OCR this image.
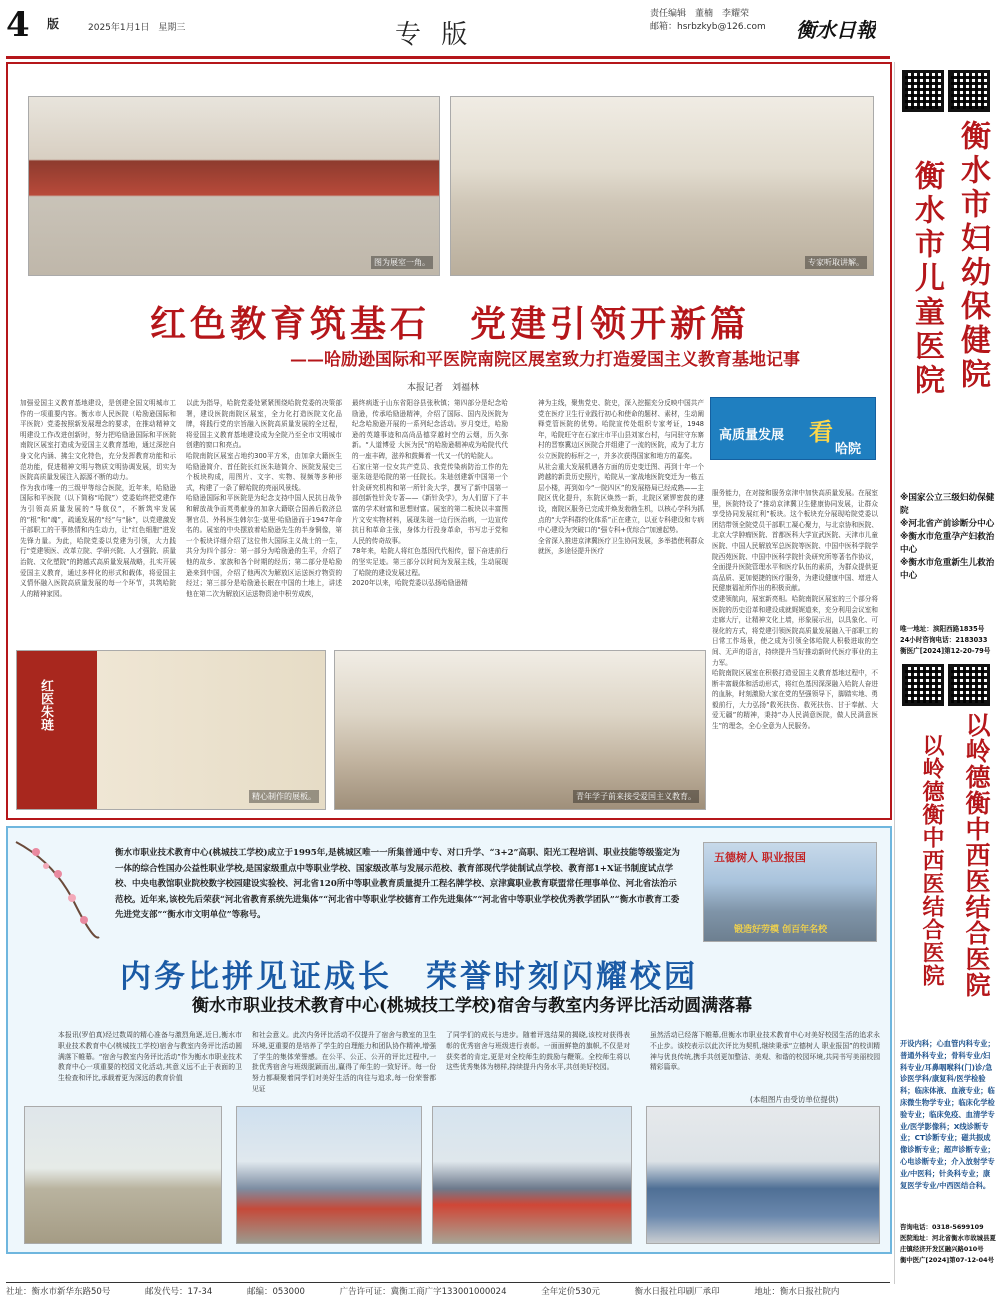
4 版	2025年1月1日　星期三	专 版
责任编辑　董楠　李耀荣
邮箱：hsrbzkyb@126.com	衡水日報
图为展室一角。	专家听取讲解。
红色教育筑基石　党建引领开新篇
——哈励逊国际和平医院南院区展室致力打造爱国主义教育基地记事
本报记者　刘福林

加强爱国主义教育基地建设，是创建全国文明城市工作的一项重要内容。衡水市人民医院（哈励逊国际和平医院）党委按照新发展理念的要求，在推动精神文明建设工作改进创新时，努力把哈励逊国际和平医院南院区展室打造成为爱国主义教育基地，通过深挖自身文化内涵、拂尘文化特色，充分发挥教育功能和示范功能，促进精神文明与物质文明协调发展，切实为医院高质量发展注入源源不断的动力。

作为我市唯一的三级甲等综合医院，近年来，哈励逊国际和平医院（以下简称“哈院”）党委始终把党建作为引领高质量发展的“导航仪”，不断筑牢发展的“根”和“魂”，疏通发展的“经”与“脉”，以党建激发干部职工的干事热情和内生动力，让“红色细胞”进发先锋力量。为此，哈院党委以党建为引领，大力践行“党建领医、改革立院、学研兴院、人才强院、质量治院、文化塑院”的跨越式高质量发展战略，扎实开展爱国主义教育，通过多样化的形式和载体，将爱国主义情怀融入医院高质量发展的每一个环节，共筑哈院人的精神家园。

以此为指导，哈院党委处紧紧围绕哈院党委的决策部署，建设医院南院区展室，全力化打造医院文化品牌，将践行党的宗旨融入医院高质量发展的全过程，将爱国主义教育基地建设成为全院乃至全市文明城市创建的窗口和亮点。

哈院南院区展室占地约300平方米，由加拿大籍医生哈励逊简介、首任院长红医朱琏简介、医院发展史三个板块构成，用图片、文字、实物、视频等多种形式，构建了一条了解哈院的亮丽风景线。

哈励逊国际和平医院是为纪念支持中国人民抗日战争和解放战争而英勇献身的加拿大籍联合国善后救济总署官员、外科医生韩尔生·莫里·哈励逊而于1947年命名的。展室的中央摆放着哈励逊先生的半身铜像，第一个板块详细介绍了这位伟大国际主义战士的一生，共分为四个部分：第一部分为哈励逊的生平，介绍了他的故乡、家族和各个时期的经历；第二部分是哈励逊来到中国，介绍了他两次为解放区运送医疗物资的经过；第三部分是哈励逊长眠在中国的土地上，讲述他在第二次为解放区运送物资途中积劳成疾，

最终病逝于山东省阳谷县张秋镇；第四部分是纪念哈励逊，传承哈励逊精神，介绍了国际、国内及医院为纪念哈励逊开展的一系列纪念活动。岁月变迁，哈励逊的英雄事迹和高尚品德穿越时空的云烟，历久弥新。“人道博爱 大医为民”的哈励逊精神成为哈院代代的一座丰碑，滋养和鼓舞着一代又一代的哈院人。

石家庄第一位女共产党员、我党传染病防治工作的先驱朱琏是哈院的第一任院长。朱琏创建新中国第一个针灸研究机构和第一所针灸大学，撰写了新中国第一部创新性针灸专著——《新针灸学》，为人们留下了丰富的学术财富和思想财富。展室的第二板块以丰富图片文安实物材料，展现朱琏一边行医治病，一边宣传抗日和革命主张，身体力行投身革命，书写忠于党和人民的传奇故事。

78年来，哈院人将红色基因代代相传，留下奋进前行的坚实足迹。第三部分以时间为发展主线，生动展现了哈院的建设发展过程。

2020年以来，哈院党委以弘扬哈励逊精

神为主线，聚焦党史、院史，深入挖掘充分反映中国共产党在医疗卫生行业践行初心和使命的题材、素材，生动阐释党管医院的优势。哈院宣传处组织专家考证，1948年，哈院旺守在石家庄市平山县刘家台村，与同驻守东寨村的晋察冀边区医院合并组建了一流的医院，成为了北方公立医院的标杆之一，并多次获得国家和地方的嘉奖。

从社会重大发展机遇各方面的历史变迁图、再到十年一个跨越的新贵历史照片，哈院从一家战地医院变迁为一栋五层小楼，再到如今“一院四区”的发展格局已经成熟——主院区优化提升，东院区焕然一新，北院区紧锣密鼓的建设，南院区服务已完成并焕发勃勃生机，以核心学科为抓点的“大学科群约化体系”正在建立，以亚专科建设和专病中心建设为突破口的“强专科+优综合”加速起势。

全省深入推进京津冀医疗卫生协同发展，多举措使利群众就医，多途径提升医疗

高质量发展 看
哈院

服务能力，在对接和服务京津中加快高质量发展。在展室里，医院特设了“推动京津冀卫生健康协同发展，让群众享受协同发展红利”板块。这个板块充分展现哈院党委以团结带领全院党员干部职工凝心聚力，与北京协和医院、北京大学肿瘤医院、首都医科大学宣武医院、天津市儿童医院、中国人民解放军总医院等医院、中国中医科学院学院西苑医院、中国中医科学院针灸研究所等著名作协议，全面提升医院管理水平和医疗队伍的素质，为群众提供更高品质、更加便捷的医疗服务，为建设健康中国、增进人民健康福祉所作出的积极贡献。

党建领航向，展室新亮相。哈院南院区展室的三个部分将医院的历史沿革和建设成就娓娓道来，充分利用会议室和走廊大厅，让精神文化上墙，形象展示出，以具象化、可视化的方式，将党建引领医院高质量发展融入干部职工的日常工作场景，使之成为引领全体哈院人积极进取的空间、无声的语言，持续提升当好推动新时代医疗事业的主力军。

哈院南院区展室在积极打造爱国主义教育基地过程中，不断丰富载体和活动形式，将红色基因深深融入哈院人奋进的血脉，时刻激励大家在党的坚强领导下，脚踏实地、勇毅前行，大力弘扬“救死扶伤、救死扶伤、甘于奉献、大爱无疆”的精神，秉持“办人民满意医院，做人民满意医生”的理念，全心全意为人民服务。

红医朱琏
精心制作的展板。	青年学子前来接受爱国主义教育。
衡水市职业技术教育中心(桃城技工学校)成立于1995年,是桃城区唯一一所集普通中专、对口升学、“3+2”高职、阳光工程培训、职业技能等级鉴定为一体的综合性国办公益性职业学校,是国家级重点中等职业学校、国家级改革与发展示范校、教育部现代学徒制试点学校、教育部1+X证书制度试点学校、中央电教馆职业院校数字校园建设实验校、河北省120所中等职业教育质量提升工程名牌学校、京津冀职业教育联盟常任理事单位、河北省法治示范校。近年来,该校先后荣获“河北省教育系统先进集体”“河北省中等职业学校德育工作先进集体”“河北省中等职业学校优秀教学团队”“衡水市教育工委先进党支部”“衡水市文明单位”等称号。
五德树人 职业报国
锻造好劳模 创百年名校
内务比拼见证成长　荣誉时刻闪耀校园
衡水市职业技术教育中心(桃城技工学校)宿舍与教室内务评比活动圆满落幕
本报讯(罗伯真)经过数周的精心准备与激烈角逐,近日,衡水市职业技术教育中心(桃城技工学校)宿舍与教室内务评比活动圆满落下帷幕。“宿舍与教室内务评比活动”作为衡水市职业技术教育中心一项重要的校园文化活动,其意义远不止于表面的卫生检查和评比,承载着更为深远的教育价值
和社会意义。此次内务评比活动不仅提升了宿舍与教室的卫生环境,更重要的是培养了学生的自理能力和团队协作精神,增强了学生的集体荣誉感。在公平、公正、公开的评比过程中,一批优秀宿舍与班级脱颖而出,赢得了师生的一致好评。每一份努力都凝聚着同学们对美好生活的向往与追求,每一份荣誉都见证
了同学们的成长与进步。随着评选结果的揭晓,该校对获得表彰的优秀宿舍与班级进行表彰。一面面鲜艳的旗帜,不仅是对获奖者的肯定,更是对全校师生的鼓励与鞭策。全校师生将以这些优秀集体为榜样,持续提升内务水平,共创美好校园。
虽然活动已经落下帷幕,但衡水市职业技术教育中心对美好校园生活的追求永不止步。该校表示以此次评比为契机,继续秉承“立德树人 职业报国”的校训精神与优良传统,携手共创更加整洁、美观、和谐的校园环境,共同书写美丽校园精彩篇章。
(本组图片由受访单位提供)
衡水市妇幼保健院
衡水市儿童医院
※国家公立三级妇幼保健院
※河北省产前诊断分中心
※衡水市危重孕产妇救治中心
※衡水市危重新生儿救治中心
唯一地址：滨阳西路1835号
24小时咨询电话：2183033
衡医广[2024]第12-20-79号
以岭德衡中西医结合医院
以岭德衡中西医结合医院
开设内科；心血管内科专业；普通外科专业；骨科专业/妇科专业/耳鼻咽喉科(门)诊/急诊医学科/康复科/医学检验科；临床体液、血液专业；临床微生物学专业；临床化学检验专业；临床免疫、血清学专业/医学影像科；X线诊断专业；CT诊断专业；磁共振成像诊断专业；超声诊断专业；心电诊断专业；介入放射学专业/中医科；针灸科专业；康复医学专业/中西医结合科。
咨询电话：0318-5699109
医院地址：河北省衡水市故城县夏庄镇经济开发区融兴路010号
衡中医广[2024]第07-12-04号
社址：衡水市新华东路50号	邮发代号：17-34	邮编：053000	广告许可证：冀衡工商广字133001000024	全年定价530元	衡水日报社印刷厂承印	地址：衡水日报社院内
